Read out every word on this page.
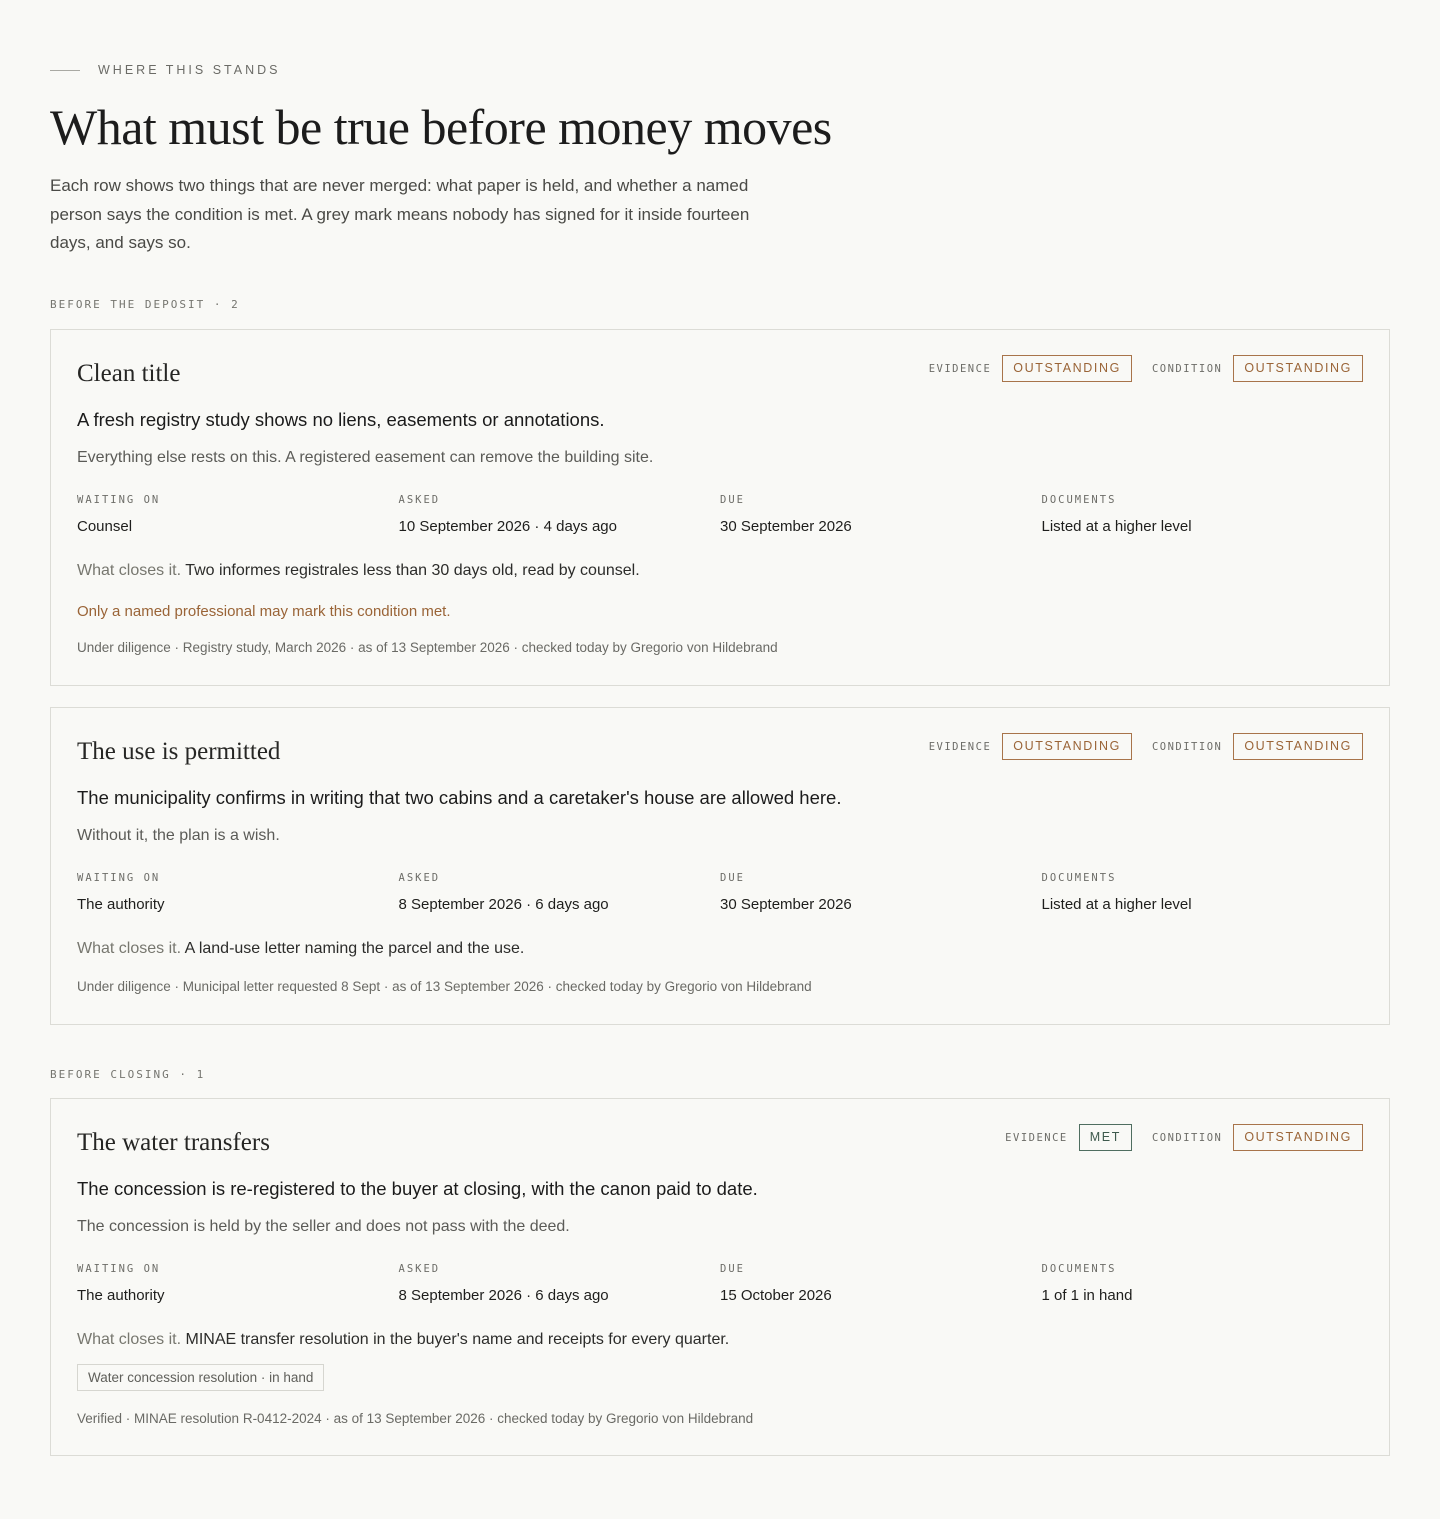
WHERE THIS STANDS
What must be true before money moves

Each row shows two things that are never merged: what paper is held, and whether a named person says the condition is met. A grey mark means nobody has signed for it inside fourteen days, and says so.

BEFORE THE DEPOSIT · 2
Clean title	EVIDENCE	OUTSTANDING	CONDITION	OUTSTANDING
A fresh registry study shows no liens, easements or annotations.
Everything else rests on this. A registered easement can remove the building site.
WAITING ON
Counsel
ASKED
10 September 2026 · 4 days ago
DUE
30 September 2026
DOCUMENTS
Listed at a higher level
What closes it. Two informes registrales less than 30 days old, read by counsel.
Only a named professional may mark this condition met.
Under diligence · Registry study, March 2026 · as of 13 September 2026 · checked today by Gregorio von Hildebrand
The use is permitted	EVIDENCE	OUTSTANDING	CONDITION	OUTSTANDING
The municipality confirms in writing that two cabins and a caretaker's house are allowed here.
Without it, the plan is a wish.
WAITING ON
The authority
ASKED
8 September 2026 · 6 days ago
DUE
30 September 2026
DOCUMENTS
Listed at a higher level
What closes it. A land-use letter naming the parcel and the use.
Under diligence · Municipal letter requested 8 Sept · as of 13 September 2026 · checked today by Gregorio von Hildebrand
BEFORE CLOSING · 1
The water transfers	EVIDENCE	MET	CONDITION	OUTSTANDING
The concession is re-registered to the buyer at closing, with the canon paid to date.
The concession is held by the seller and does not pass with the deed.
WAITING ON
The authority
ASKED
8 September 2026 · 6 days ago
DUE
15 October 2026
DOCUMENTS
1 of 1 in hand
What closes it. MINAE transfer resolution in the buyer's name and receipts for every quarter.
Water concession resolution · in hand
Verified · MINAE resolution R-0412-2024 · as of 13 September 2026 · checked today by Gregorio von Hildebrand
